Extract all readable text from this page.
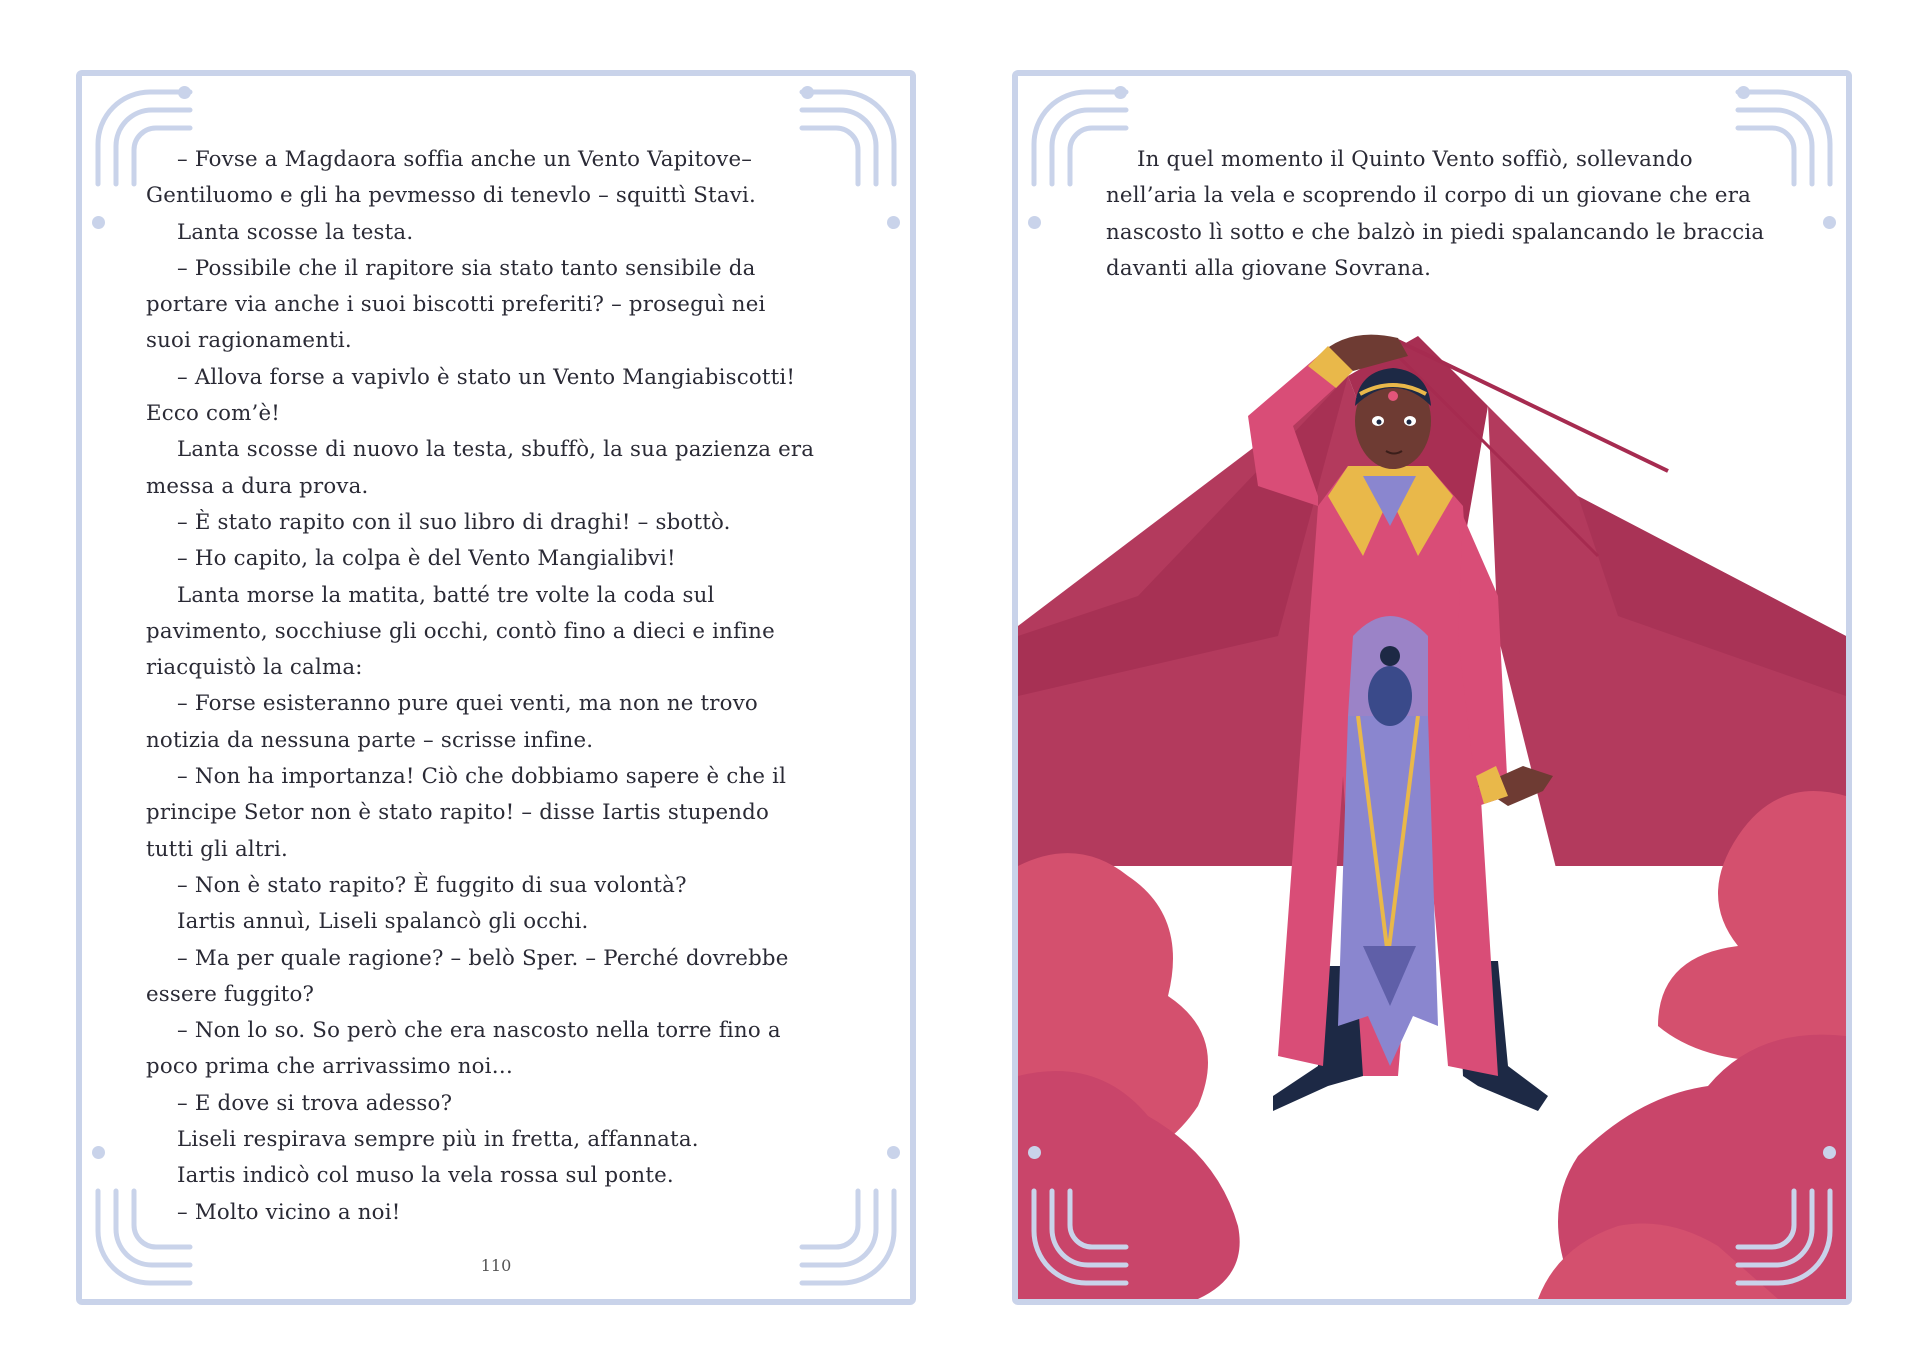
– Fovse a Magdaora soffia anche un Vento Vapitove–

Gentiluomo e gli ha pevmesso di tenevlo – squittì Stavi.

Lanta scosse la testa.

– Possibile che il rapitore sia stato tanto sensibile da

portare via anche i suoi biscotti preferiti? – proseguì nei

suoi ragionamenti.

– Allova forse a vapivlo è stato un Vento Mangiabiscotti!

Ecco com’è!

Lanta scosse di nuovo la testa, sbuffò, la sua pazienza era

messa a dura prova.

– È stato rapito con il suo libro di draghi! – sbottò.

– Ho capito, la colpa è del Vento Mangialibvi!

Lanta morse la matita, batté tre volte la coda sul

pavimento, socchiuse gli occhi, contò fino a dieci e infine

riacquistò la calma:

– Forse esisteranno pure quei venti, ma non ne trovo

notizia da nessuna parte – scrisse infine.

– Non ha importanza! Ciò che dobbiamo sapere è che il

principe Setor non è stato rapito! – disse Iartis stupendo

tutti gli altri.

– Non è stato rapito? È fuggito di sua volontà?

Iartis annuì, Liseli spalancò gli occhi.

– Ma per quale ragione? – belò Sper. – Perché dovrebbe

essere fuggito?

– Non lo so. So però che era nascosto nella torre fino a

poco prima che arrivassimo noi…

– E dove si trova adesso?

Liseli respirava sempre più in fretta, affannata.

Iartis indicò col muso la vela rossa sul ponte.

– Molto vicino a noi!

110

In quel momento il Quinto Vento soffiò, sollevando

nell’aria la vela e scoprendo il corpo di un giovane che era

nascosto lì sotto e che balzò in piedi spalancando le braccia

davanti alla giovane Sovrana.
